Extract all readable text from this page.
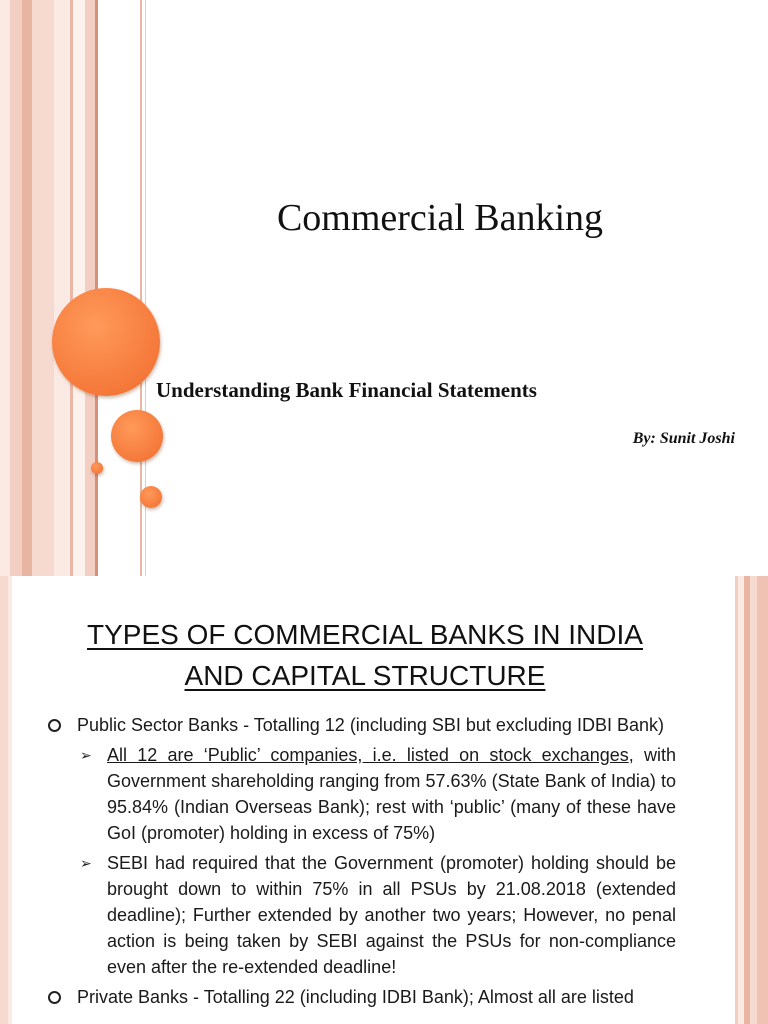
Commercial Banking
Understanding Bank Financial Statements
By: Sunit Joshi
TYPES OF COMMERCIAL BANKS IN INDIA
AND CAPITAL STRUCTURE
Public Sector Banks - Totalling 12 (including SBI but excluding IDBI Bank)
➢ All 12 are ‘Public’ companies, i.e. listed on stock exchanges, with Government shareholding ranging from 57.63% (State Bank of India) to 95.84% (Indian Overseas Bank); rest with ‘public’ (many of these have GoI (promoter) holding in excess of 75%)
➢ SEBI had required that the Government (promoter) holding should be brought down to within 75% in all PSUs by 21.08.2018 (extended deadline); Further extended by another two years; However, no penal action is being taken by SEBI against the PSUs for non-compliance even after the re-extended deadline!
Private Banks - Totalling 22 (including IDBI Bank); Almost all are listed
